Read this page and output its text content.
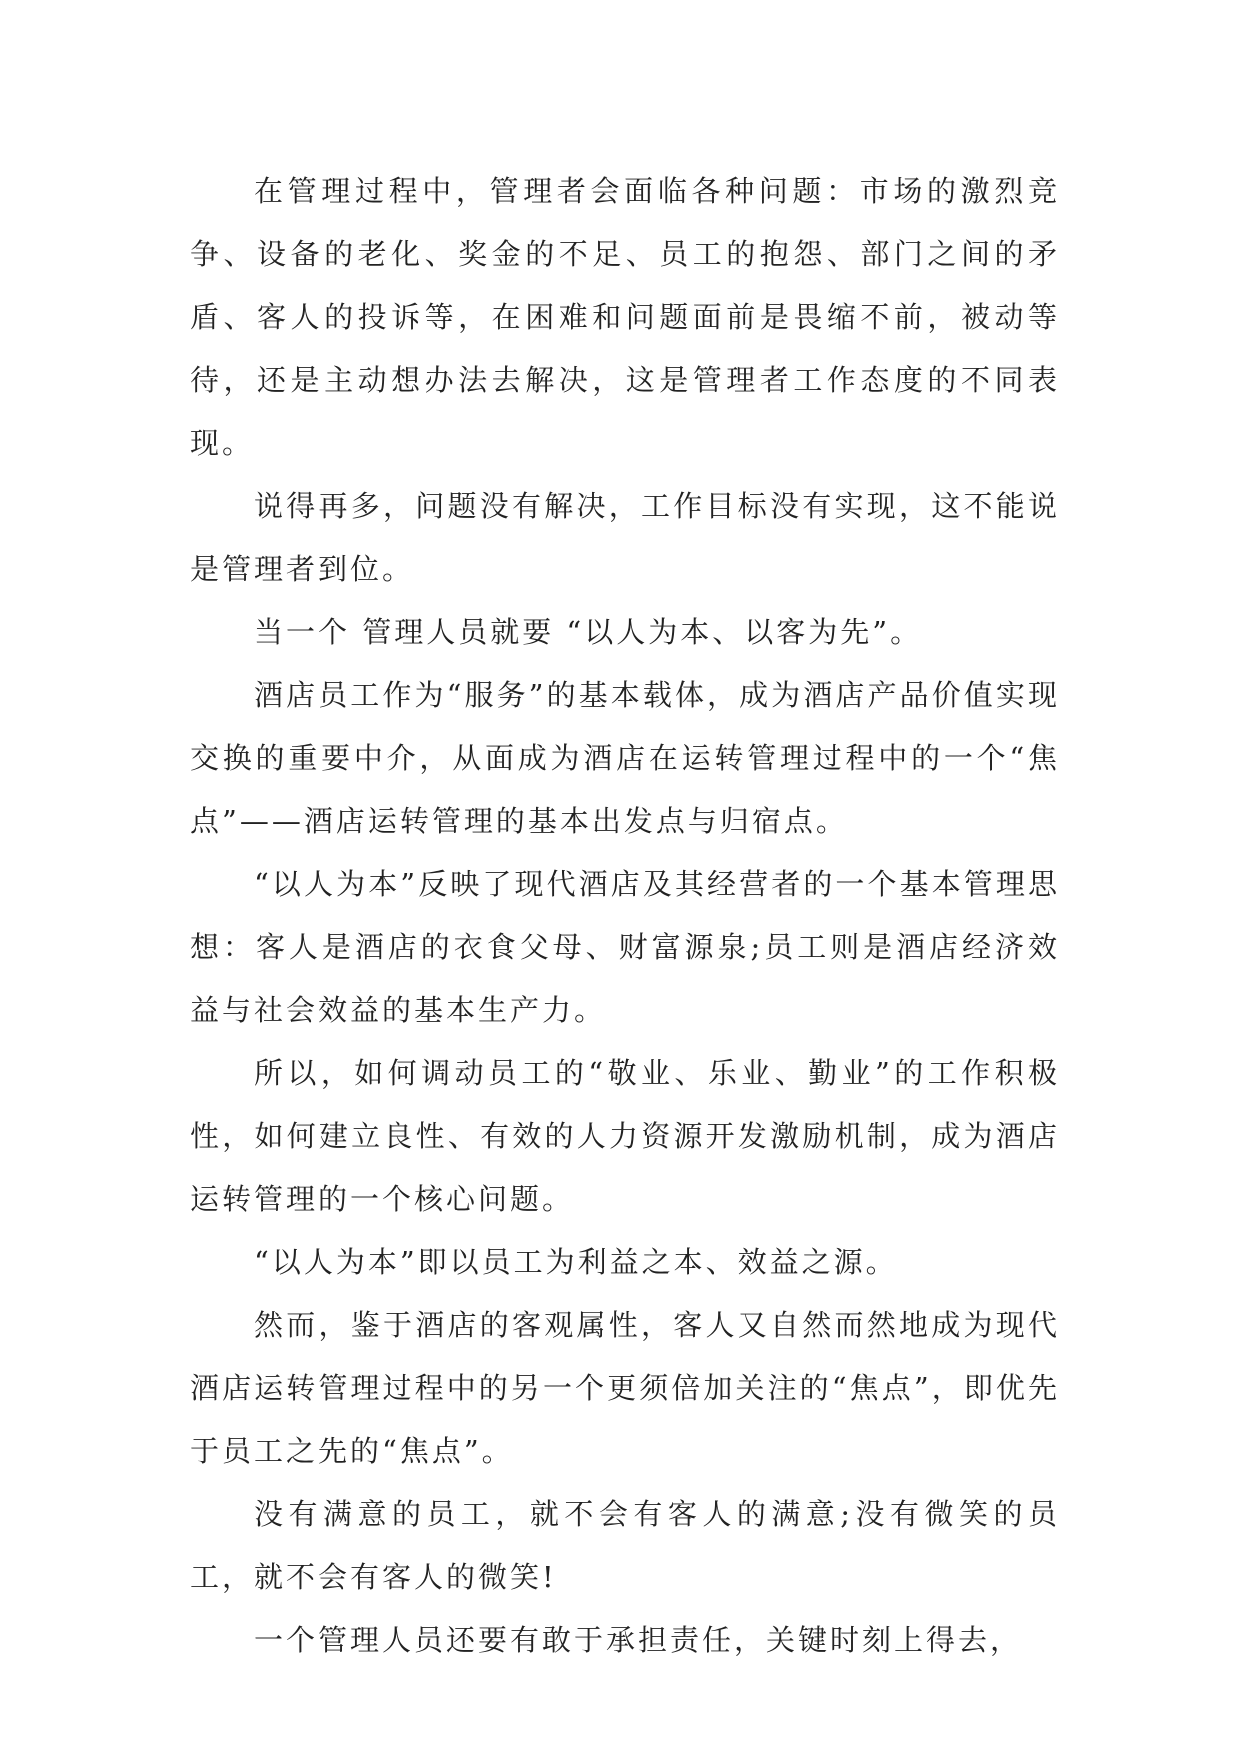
在管理过程中，管理者会面临各种问题：市场的激烈竞争、设备的老化、奖金的不足、员工的抱怨、部门之间的矛盾、客人的投诉等，在困难和问题面前是畏缩不前，被动等待，还是主动想办法去解决，这是管理者工作态度的不同表现。

说得再多，问题没有解决，工作目标没有实现，这不能说是管理者到位。

当一个 管理人员就要 “以人为本、以客为先”。

酒店员工作为“服务”的基本载体，成为酒店产品价值实现交换的重要中介，从面成为酒店在运转管理过程中的一个“焦点”——酒店运转管理的基本出发点与归宿点。

“以人为本”反映了现代酒店及其经营者的一个基本管理思想：客人是酒店的衣食父母、财富源泉;员工则是酒店经济效益与社会效益的基本生产力。

所以，如何调动员工的“敬业、乐业、勤业”的工作积极性，如何建立良性、有效的人力资源开发激励机制，成为酒店运转管理的一个核心问题。

“以人为本”即以员工为利益之本、效益之源。

然而，鉴于酒店的客观属性，客人又自然而然地成为现代酒店运转管理过程中的另一个更须倍加关注的“焦点”，即优先于员工之先的“焦点”。

没有满意的员工，就不会有客人的满意;没有微笑的员工，就不会有客人的微笑!

一个管理人员还要有敢于承担责任，关键时刻上得去，
